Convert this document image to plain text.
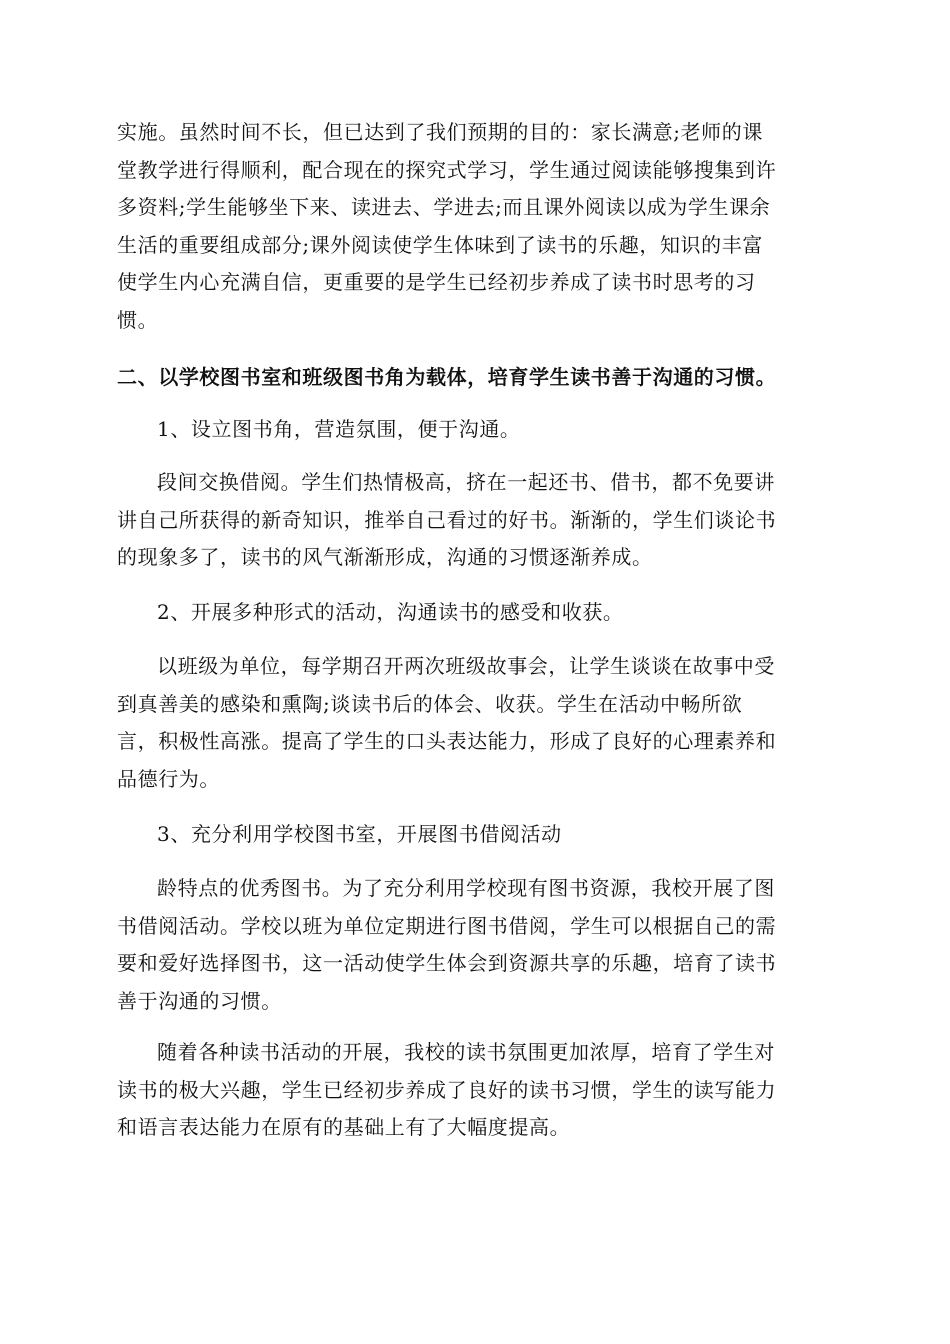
实施。虽然时间不长，但已达到了我们预期的目的：家长满意;老师的课
堂教学进行得顺利，配合现在的探究式学习，学生通过阅读能够搜集到许
多资料;学生能够坐下来、读进去、学进去;而且课外阅读以成为学生课余
生活的重要组成部分;课外阅读使学生体味到了读书的乐趣，知识的丰富
使学生内心充满自信，更重要的是学生已经初步养成了读书时思考的习
惯。
二、以学校图书室和班级图书角为载体，培育学生读书善于沟通的习惯。
1、设立图书角，营造氛围，便于沟通。
段间交换借阅。学生们热情极高，挤在一起还书、借书，都不免要讲
讲自己所获得的新奇知识，推举自己看过的好书。渐渐的，学生们谈论书
的现象多了，读书的风气渐渐形成，沟通的习惯逐渐养成。
2、开展多种形式的活动，沟通读书的感受和收获。
以班级为单位，每学期召开两次班级故事会，让学生谈谈在故事中受
到真善美的感染和熏陶;谈读书后的体会、收获。学生在活动中畅所欲
言，积极性高涨。提高了学生的口头表达能力，形成了良好的心理素养和
品德行为。
3、充分利用学校图书室，开展图书借阅活动
龄特点的优秀图书。为了充分利用学校现有图书资源，我校开展了图
书借阅活动。学校以班为单位定期进行图书借阅，学生可以根据自己的需
要和爱好选择图书，这一活动使学生体会到资源共享的乐趣，培育了读书
善于沟通的习惯。
随着各种读书活动的开展，我校的读书氛围更加浓厚，培育了学生对
读书的极大兴趣，学生已经初步养成了良好的读书习惯，学生的读写能力
和语言表达能力在原有的基础上有了大幅度提高。
